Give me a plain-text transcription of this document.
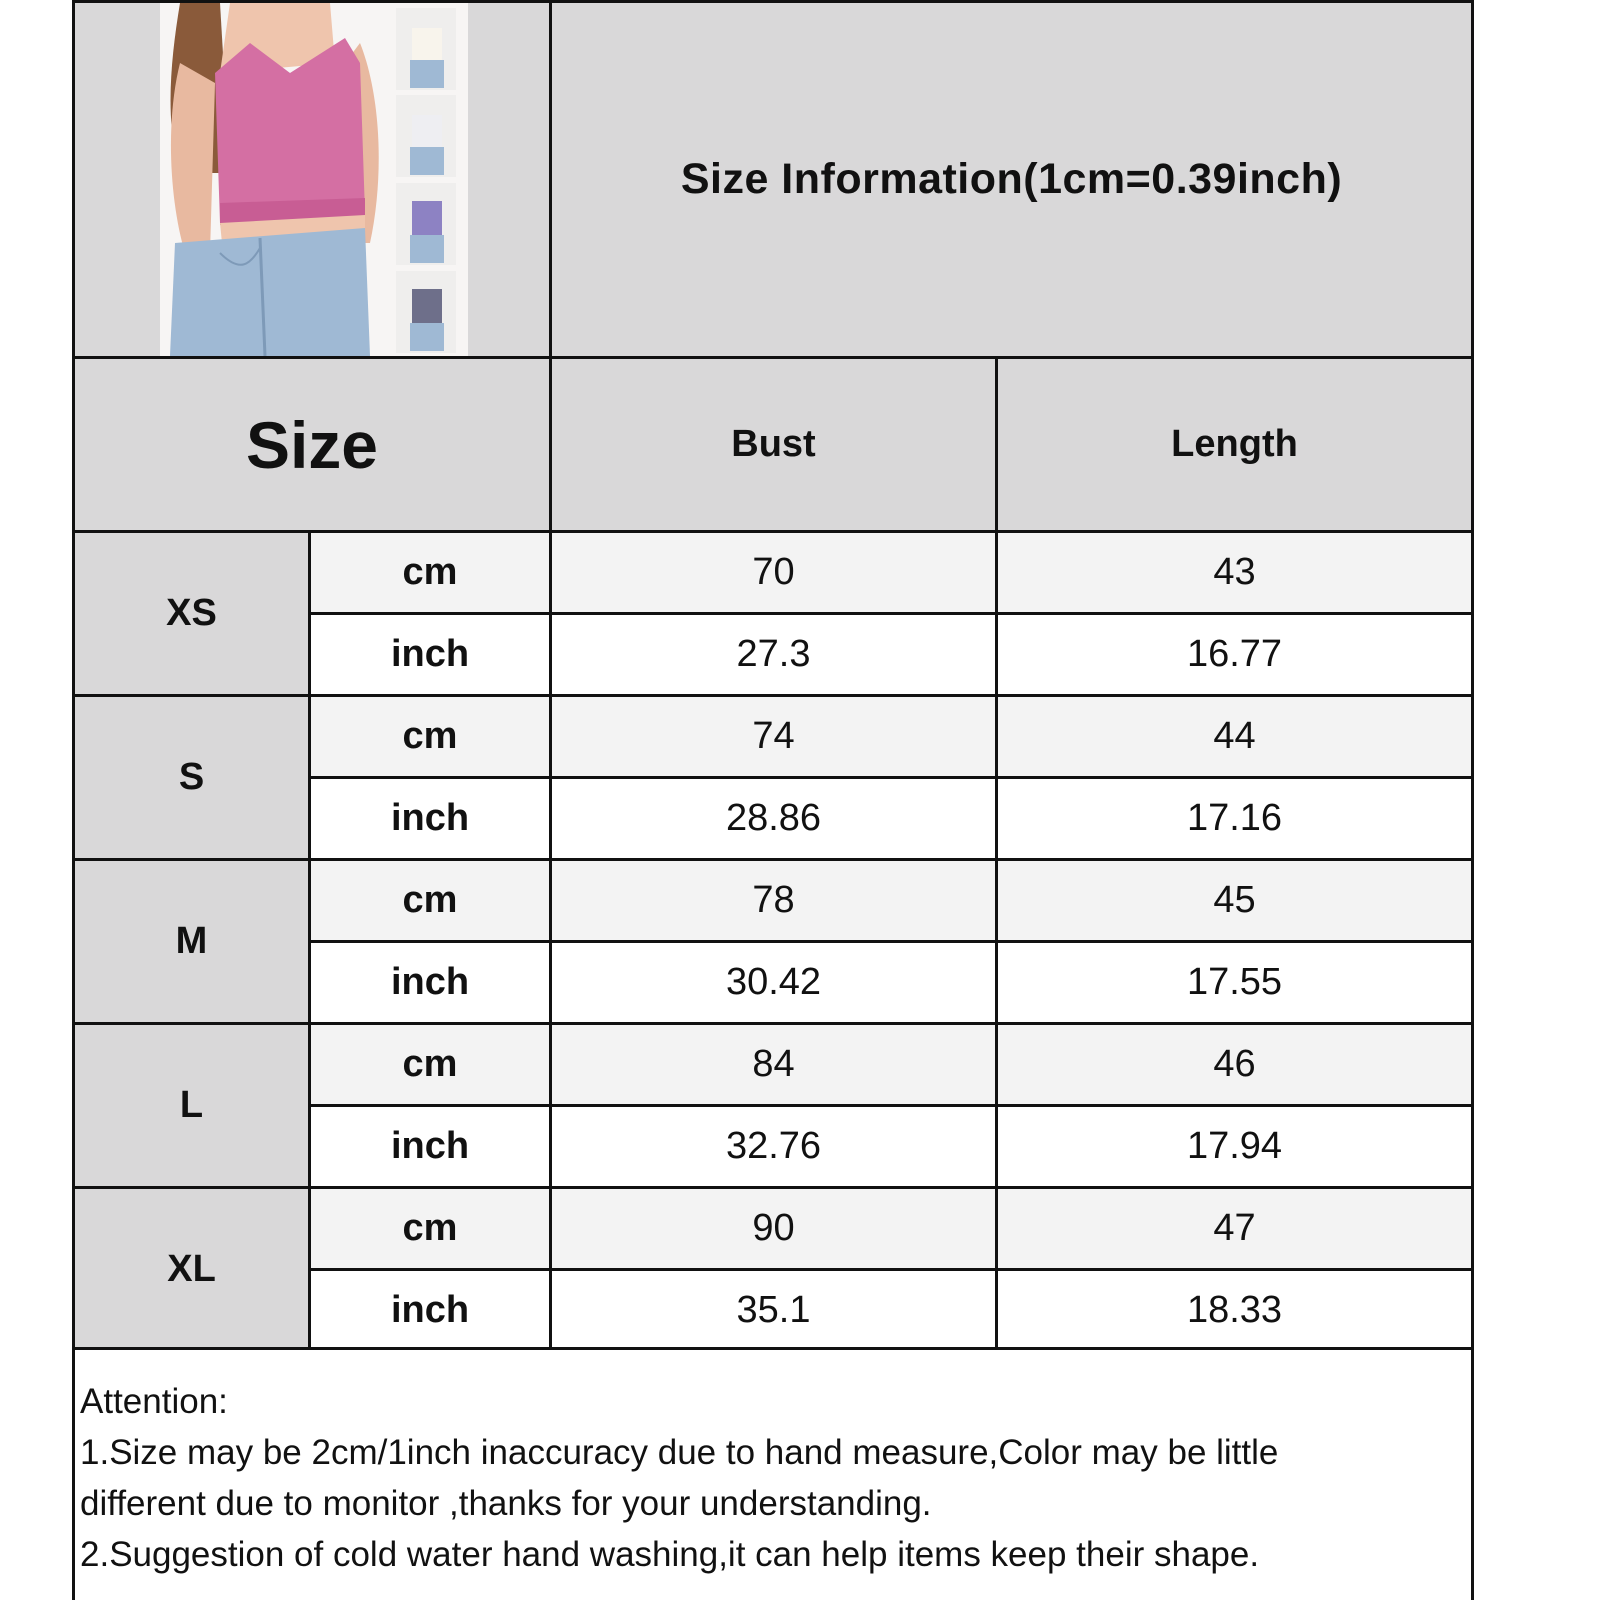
Size Information(1cm=0.39inch)
Size	Bust	Length
XS
cm	70	43
inch	27.3	16.77
S
cm	74	44
inch	28.86	17.16
M
cm	78	45
inch	30.42	17.55
L
cm	84	46
inch	32.76	17.94
XL
cm	90	47
inch	35.1	18.33
Attention:
1.Size may be 2cm/1inch inaccuracy due to hand measure,Color may be little
different due to monitor ,thanks for your understanding.
2.Suggestion of cold water hand washing,it can help items keep their shape.
